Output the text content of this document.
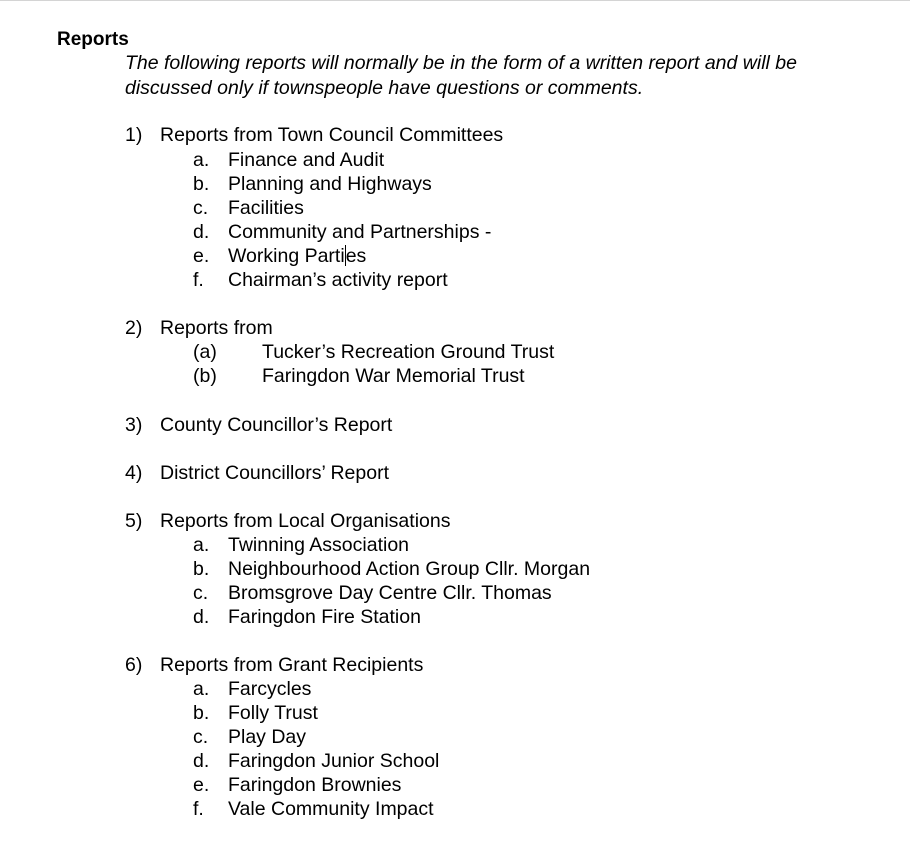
Reports

The following reports will normally be in the form of a written report and will be discussed only if townspeople have questions or comments.

1) Reports from Town Council Committees
a. Finance and Audit
b. Planning and Highways
c. Facilities
d. Community and Partnerships -
e. Working Parties
f. Chairman’s activity report
2) Reports from
(a) Tucker’s Recreation Ground Trust
(b) Faringdon War Memorial Trust
3) County Councillor’s Report
4) District Councillors’ Report
5) Reports from Local Organisations
a. Twinning Association
b. Neighbourhood Action Group Cllr. Morgan
c. Bromsgrove Day Centre Cllr. Thomas
d. Faringdon Fire Station
6) Reports from Grant Recipients
a. Farcycles
b. Folly Trust
c. Play Day
d. Faringdon Junior School
e. Faringdon Brownies
f. Vale Community Impact
